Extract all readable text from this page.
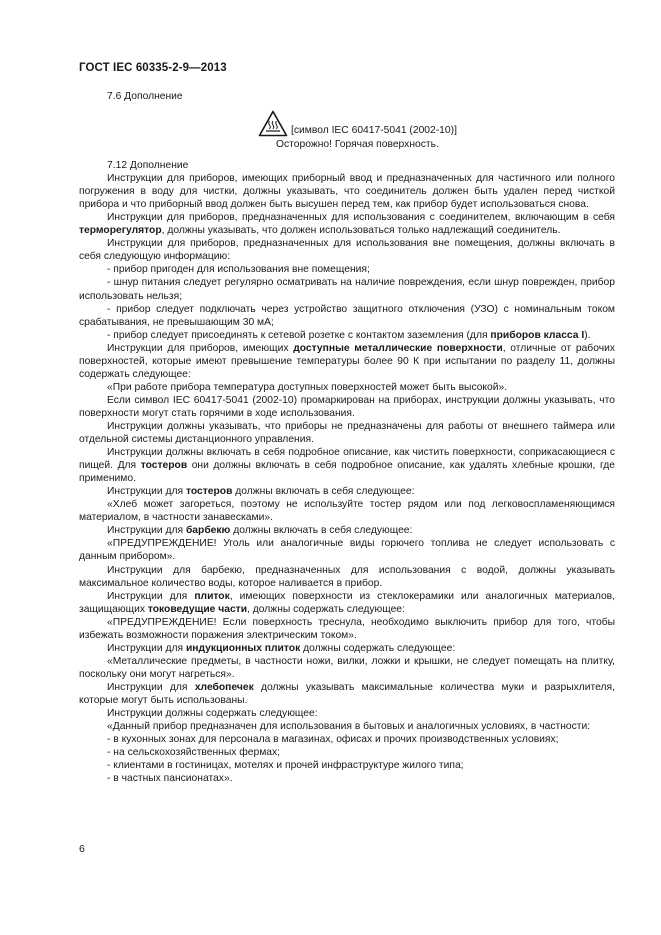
ГОСТ IEC 60335-2-9—2013

7.6 Дополнение

[символ IEC 60417-5041 (2002-10)]
Осторожно! Горячая поверхность.

7.12 Дополнение

Инструкции для приборов, имеющих приборный ввод и предназначенных для частичного или полного погружения в воду для чистки, должны указывать, что соединитель должен быть удален перед чисткой прибора и что приборный ввод должен быть высушен перед тем, как прибор будет использоваться снова.

Инструкции для приборов, предназначенных для использования с соединителем, включающим в себя терморегулятор, должны указывать, что должен использоваться только надлежащий соединитель.

Инструкции для приборов, предназначенных для использования вне помещения, должны включать в себя следующую информацию:

- прибор пригоден для использования вне помещения;

- шнур питания следует регулярно осматривать на наличие повреждения, если шнур поврежден, прибор использовать нельзя;

- прибор следует подключать через устройство защитного отключения (УЗО) с номинальным током срабатывания, не превышающим 30 мА;

- прибор следует присоединять к сетевой розетке с контактом заземления (для приборов класса I).

Инструкции для приборов, имеющих доступные металлические поверхности, отличные от рабочих поверхностей, которые имеют превышение температуры более 90 К при испытании по разделу 11, должны содержать следующее:

«При работе прибора температура доступных поверхностей может быть высокой».

Если символ IEC 60417-5041 (2002-10) промаркирован на приборах, инструкции должны указывать, что поверхности могут стать горячими в ходе использования.

Инструкции должны указывать, что приборы не предназначены для работы от внешнего таймера или отдельной системы дистанционного управления.

Инструкции должны включать в себя подробное описание, как чистить поверхности, соприкасающиеся с пищей. Для тостеров они должны включать в себя подробное описание, как удалять хлебные крошки, где применимо.

Инструкции для тостеров должны включать в себя следующее:

«Хлеб может загореться, поэтому не используйте тостер рядом или под легковоспламеняющимся материалом, в частности занавесками».

Инструкции для барбекю должны включать в себя следующее:

«ПРЕДУПРЕЖДЕНИЕ! Уголь или аналогичные виды горючего топлива не следует использовать с данным прибором».

Инструкции для барбекю, предназначенных для использования с водой, должны указывать максимальное количество воды, которое наливается в прибор.

Инструкции для плиток, имеющих поверхности из стеклокерамики или аналогичных материалов, защищающих токоведущие части, должны содержать следующее:

«ПРЕДУПРЕЖДЕНИЕ! Если поверхность треснула, необходимо выключить прибор для того, чтобы избежать возможности поражения электрическим током».

Инструкции для индукционных плиток должны содержать следующее:

«Металлические предметы, в частности ножи, вилки, ложки и крышки, не следует помещать на плитку, поскольку они могут нагреться».

Инструкции для хлебопечек должны указывать максимальные количества муки и разрыхлителя, которые могут быть использованы.

Инструкции должны содержать следующее:

«Данный прибор предназначен для использования в бытовых и аналогичных условиях, в частности:

- в кухонных зонах для персонала в магазинах, офисах и прочих производственных условиях;

- на сельскохозяйственных фермах;

- клиентами в гостиницах, мотелях и прочей инфраструктуре жилого типа;

- в частных пансионатах».

6
